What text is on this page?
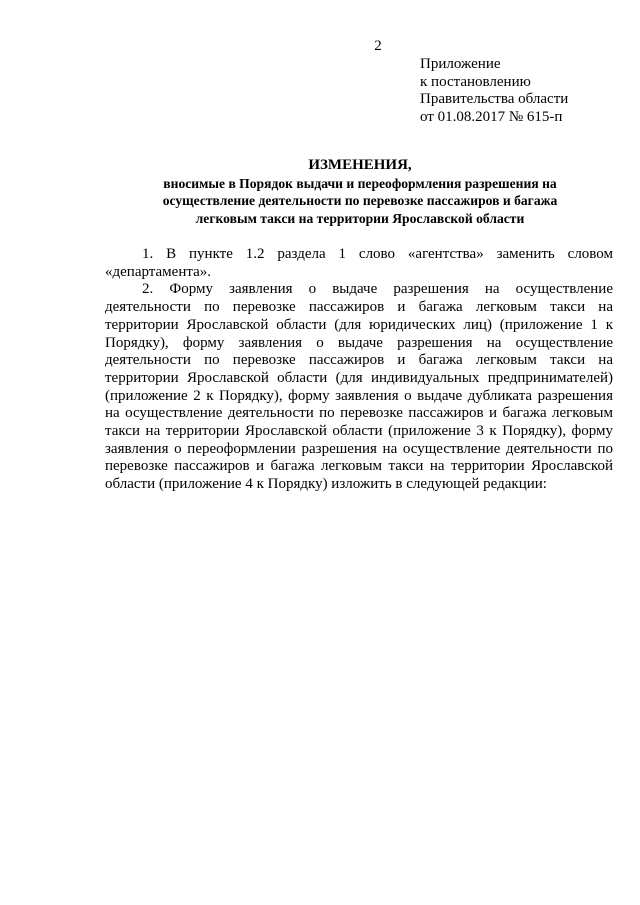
2
Приложение
к постановлению
Правительства области
от 01.08.2017 № 615-п
ИЗМЕНЕНИЯ,
вносимые в Порядок выдачи и переоформления разрешения на
осуществление деятельности по перевозке пассажиров и багажа
легковым такси на территории Ярославской области

1. В пункте 1.2 раздела 1 слово «агентства» заменить словом «департамента».

2. Форму заявления о выдаче разрешения на осуществление деятельности по перевозке пассажиров и багажа легковым такси на территории Ярославской области (для юридических лиц) (приложение 1 к Порядку), форму заявления о выдаче разрешения на осуществление деятельности по перевозке пассажиров и багажа легковым такси на территории Ярославской области (для индивидуальных предпринимателей) (приложение 2 к Порядку), форму заявления о выдаче дубликата разрешения на осуществление деятельности по перевозке пассажиров и багажа легковым такси на территории Ярославской области (приложение 3 к Порядку), форму заявления о переоформлении разрешения на осуществление деятельности по перевозке пассажиров и багажа легковым такси на территории Ярославской области (приложение 4 к Порядку) изложить в следующей редакции:
